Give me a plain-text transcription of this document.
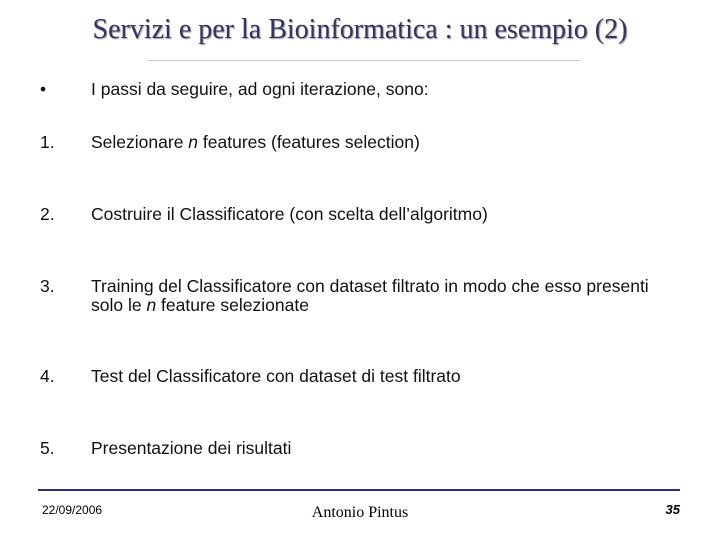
Servizi e per la Bioinformatica : un esempio (2)
•	I passi da seguire, ad ogni iterazione, sono:
1. Selezionare n features (features selection)
2. Costruire il Classificatore (con scelta dell’algoritmo)
3. Training del Classificatore con dataset filtrato in modo che esso presenti solo le n feature selezionate
4. Test del Classificatore con dataset di test filtrato
5. Presentazione dei risultati
22/09/2006	Antonio Pintus	35
